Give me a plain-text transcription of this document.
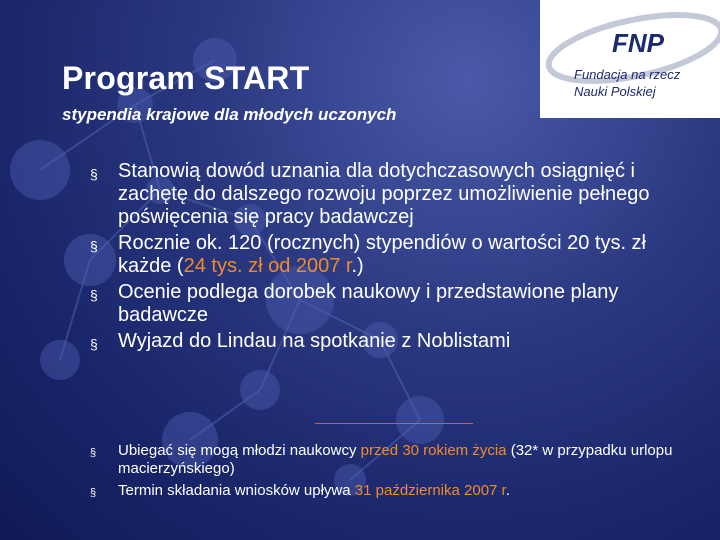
FNP
Fundacja na rzecz
Nauki Polskiej
Program START
stypendia krajowe dla młodych uczonych
§ Stanowią dowód uznania dla dotychczasowych osiągnięć i zachętę do dalszego rozwoju poprzez umożliwienie pełnego poświęcenia się pracy badawczej
§ Rocznie ok. 120 (rocznych) stypendiów o wartości 20 tys. zł każde (24 tys. zł od 2007 r.)
§ Ocenie podlega dorobek naukowy i przedstawione plany badawcze
§ Wyjazd do Lindau na spotkanie z Noblistami
§ Ubiegać się mogą młodzi naukowcy przed 30 rokiem życia (32* w przypadku urlopu macierzyńskiego)
§ Termin składania wniosków upływa 31 października 2007 r.
